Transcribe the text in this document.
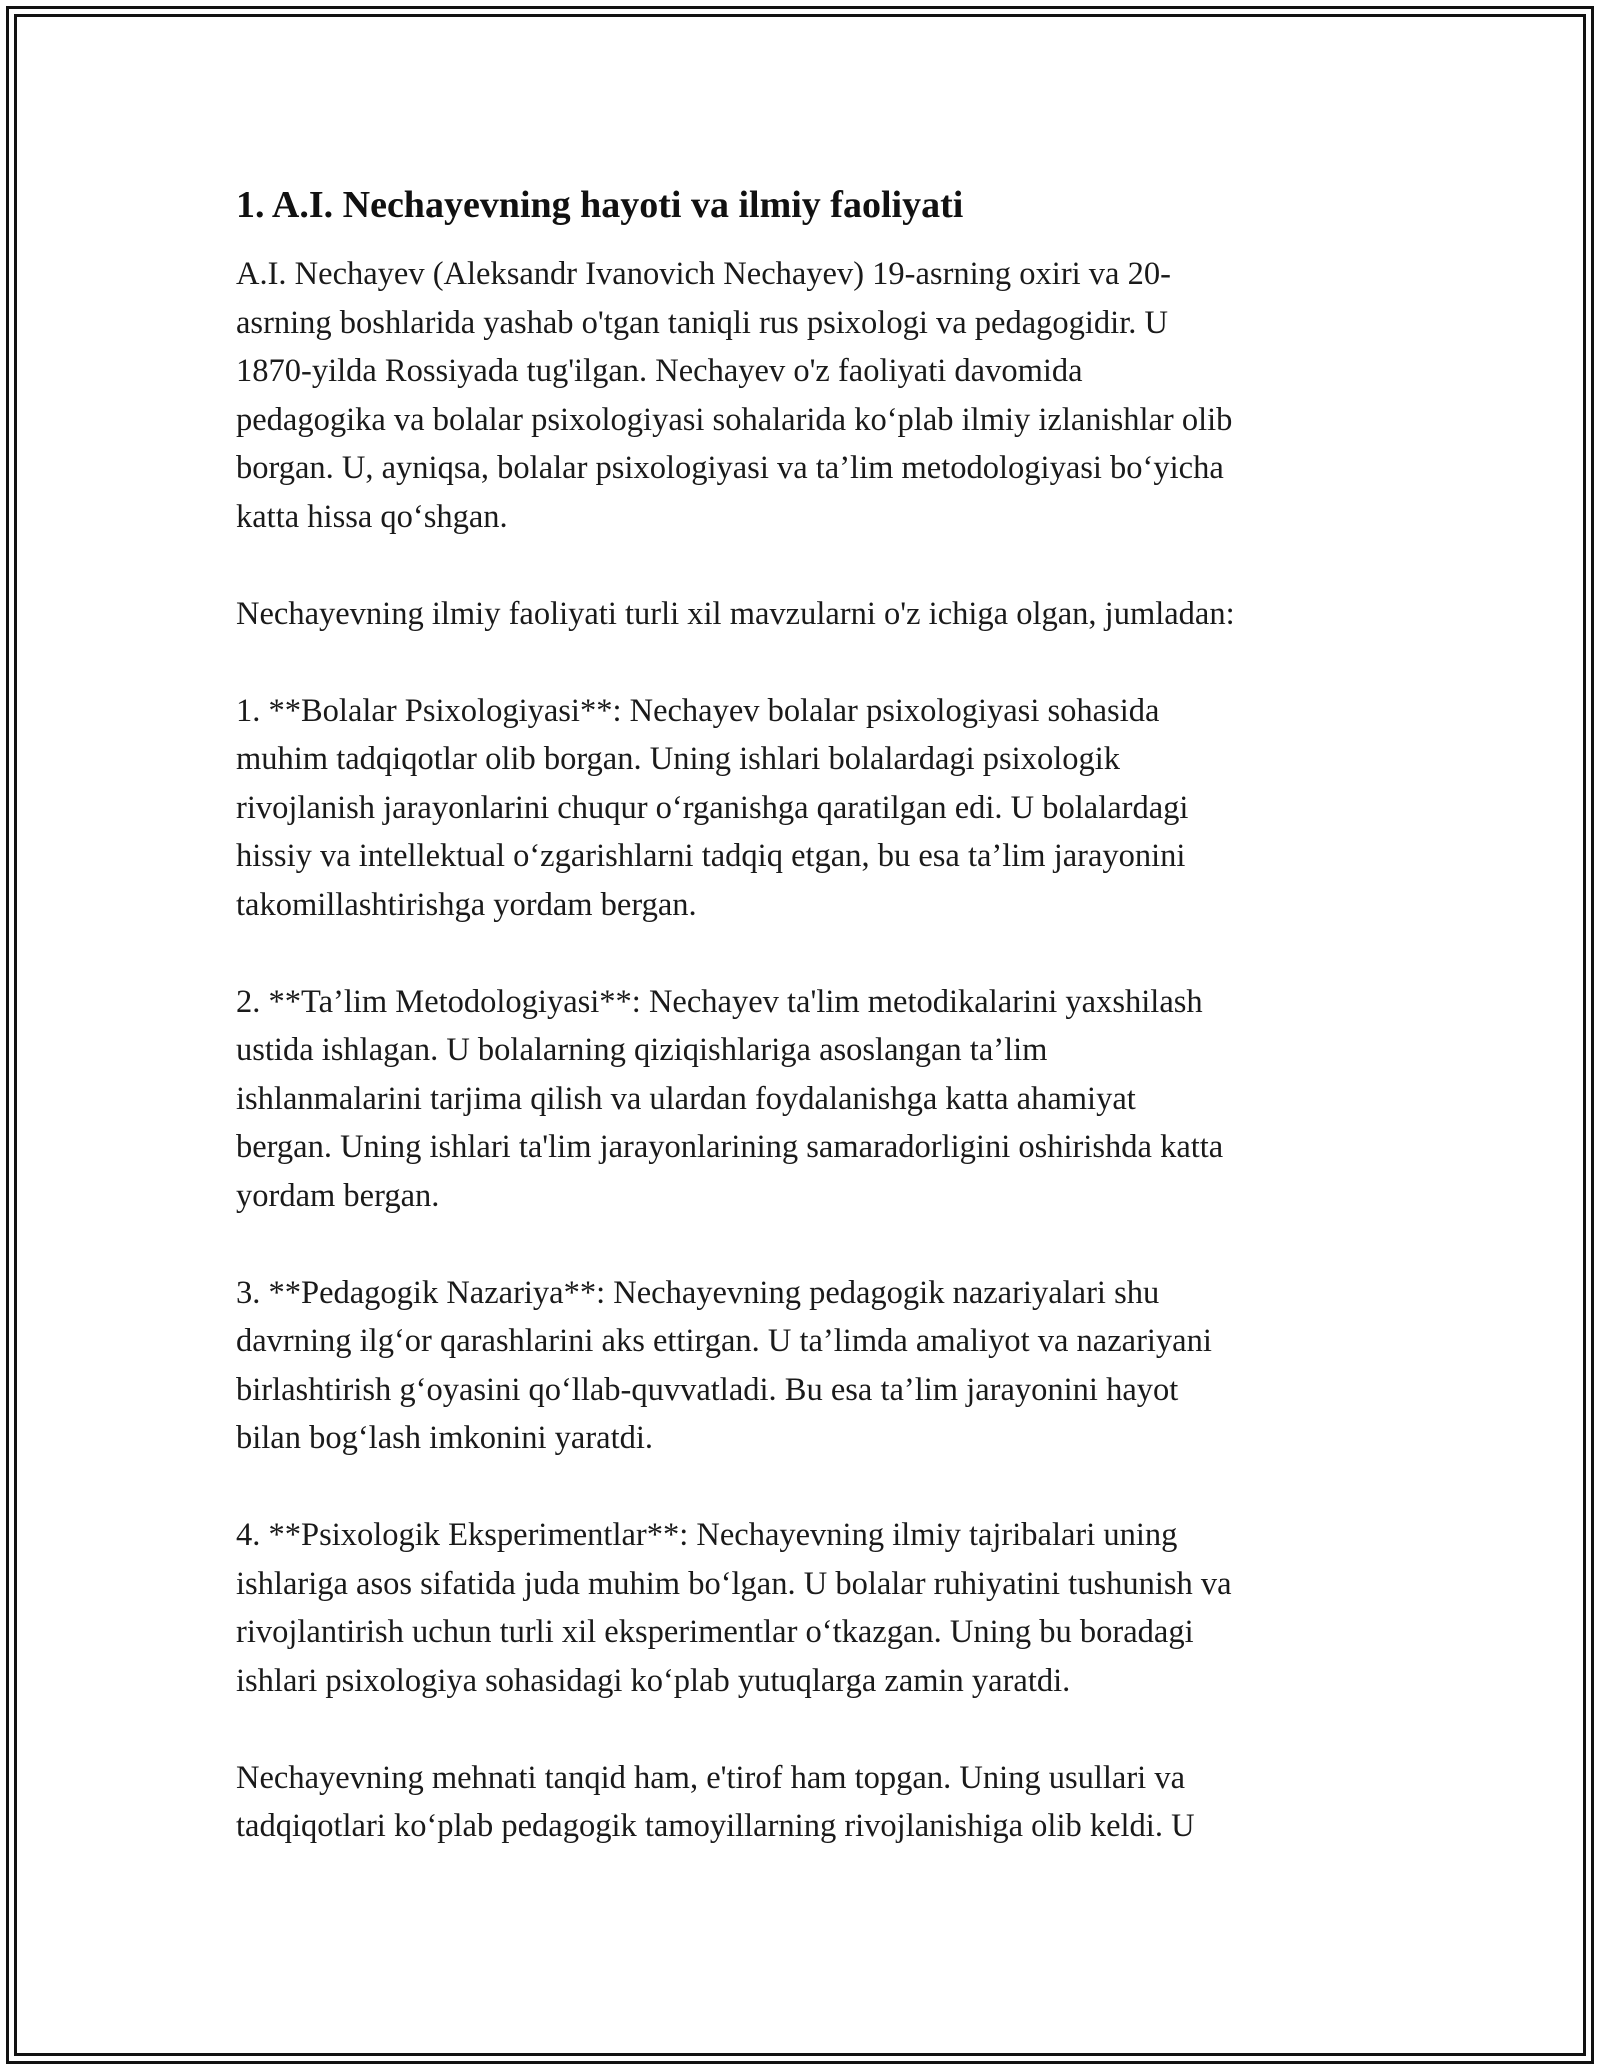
1. A.I. Nechayevning hayoti va ilmiy faoliyati
A.I. Nechayev (Aleksandr Ivanovich Nechayev) 19-asrning oxiri va 20-
asrning boshlarida yashab o'tgan taniqli rus psixologi va pedagogidir. U
1870-yilda Rossiyada tug'ilgan. Nechayev o'z faoliyati davomida
pedagogika va bolalar psixologiyasi sohalarida ko‘plab ilmiy izlanishlar olib
borgan. U, ayniqsa, bolalar psixologiyasi va ta’lim metodologiyasi bo‘yicha
katta hissa qo‘shgan.
Nechayevning ilmiy faoliyati turli xil mavzularni o'z ichiga olgan, jumladan:
1. **Bolalar Psixologiyasi**: Nechayev bolalar psixologiyasi sohasida
muhim tadqiqotlar olib borgan. Uning ishlari bolalardagi psixologik
rivojlanish jarayonlarini chuqur o‘rganishga qaratilgan edi. U bolalardagi
hissiy va intellektual o‘zgarishlarni tadqiq etgan, bu esa ta’lim jarayonini
takomillashtirishga yordam bergan.
2. **Ta’lim Metodologiyasi**: Nechayev ta'lim metodikalarini yaxshilash
ustida ishlagan. U bolalarning qiziqishlariga asoslangan ta’lim
ishlanmalarini tarjima qilish va ulardan foydalanishga katta ahamiyat
bergan. Uning ishlari ta'lim jarayonlarining samaradorligini oshirishda katta
yordam bergan.
3. **Pedagogik Nazariya**: Nechayevning pedagogik nazariyalari shu
davrning ilg‘or qarashlarini aks ettirgan. U ta’limda amaliyot va nazariyani
birlashtirish g‘oyasini qo‘llab-quvvatladi. Bu esa ta’lim jarayonini hayot
bilan bog‘lash imkonini yaratdi.
4. **Psixologik Eksperimentlar**: Nechayevning ilmiy tajribalari uning
ishlariga asos sifatida juda muhim bo‘lgan. U bolalar ruhiyatini tushunish va
rivojlantirish uchun turli xil eksperimentlar o‘tkazgan. Uning bu boradagi
ishlari psixologiya sohasidagi ko‘plab yutuqlarga zamin yaratdi.
Nechayevning mehnati tanqid ham, e'tirof ham topgan. Uning usullari va
tadqiqotlari ko‘plab pedagogik tamoyillarning rivojlanishiga olib keldi. U
